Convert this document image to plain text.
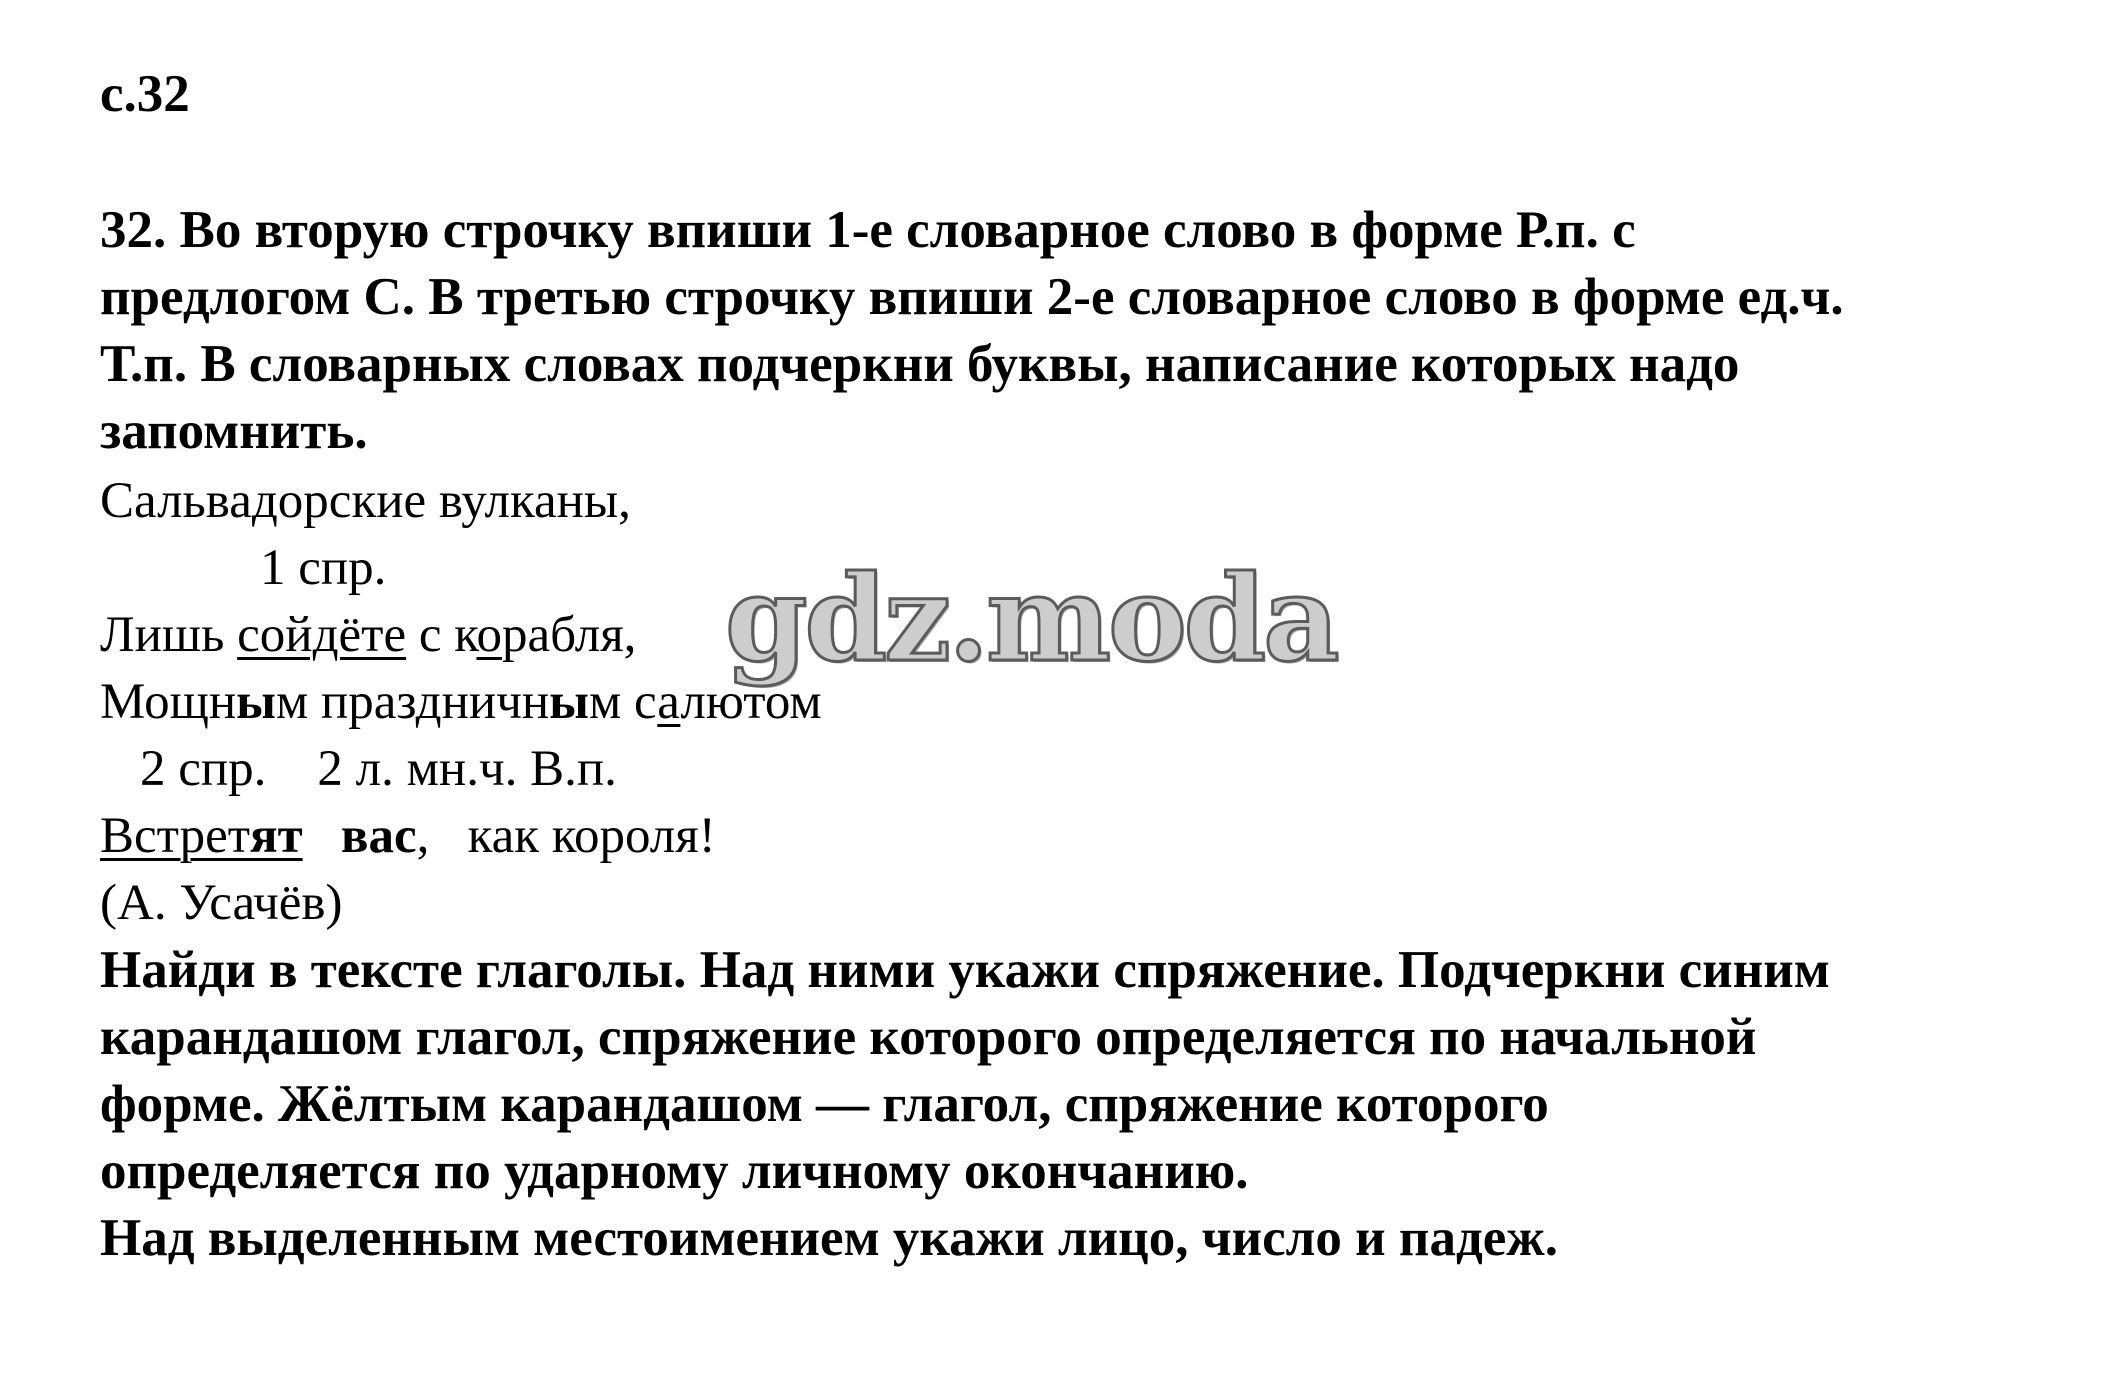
с.32
32. Во вторую строчку впиши 1-е словарное слово в форме Р.п. с
предлогом С. В третью строчку впиши 2-е словарное слово в форме ед.ч.
Т.п. В словарных словах подчеркни буквы, написание которых надо
запомнить.
Сальвадорские вулканы,
1 спр.
Лишь сойдёте с корабля,
Мощным праздничным салютом
2 спр.    2 л. мн.ч. В.п.
Встретят вас,   как короля!
(А. Усачёв)
Найди в тексте глаголы. Над ними укажи спряжение. Подчеркни синим
карандашом глагол, спряжение которого определяется по начальной
форме. Жёлтым карандашом — глагол, спряжение которого
определяется по ударному личному окончанию.
Над выделенным местоимением укажи лицо, число и падеж.
gdz.moda
